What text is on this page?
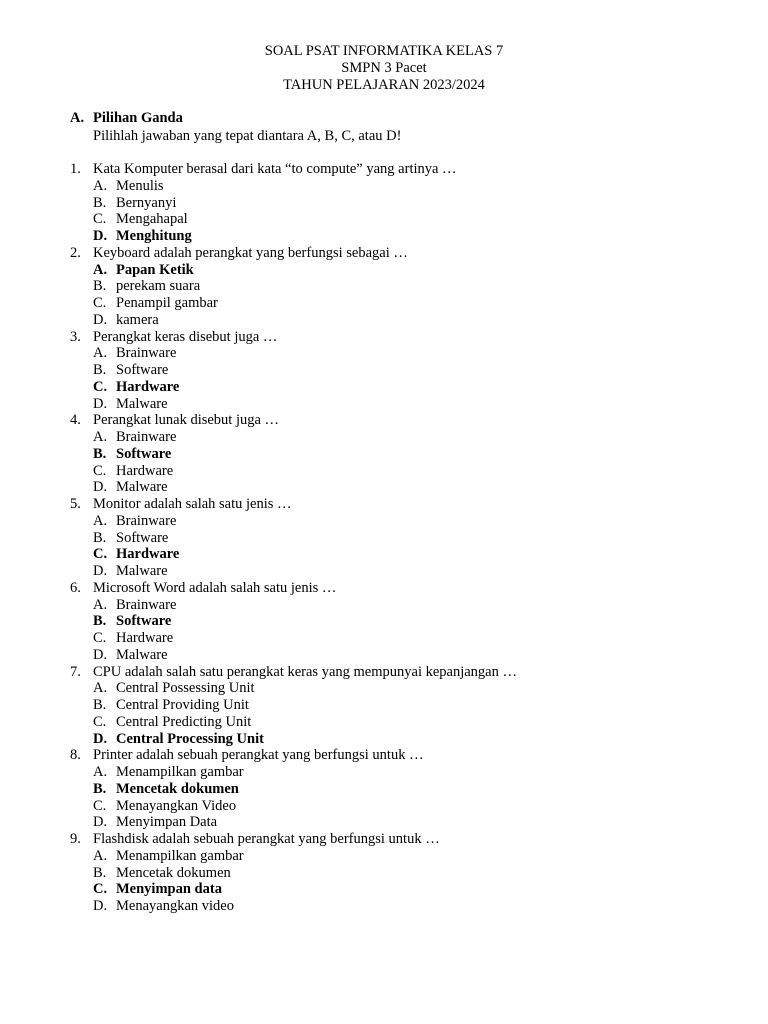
SOAL PSAT INFORMATIKA KELAS 7
SMPN 3 Pacet
TAHUN PELAJARAN 2023/2024
A. Pilihan Ganda
Pilihlah jawaban yang tepat diantara A, B, C, atau D!
1. Kata Komputer berasal dari kata “to compute” yang artinya …
A. Menulis
B. Bernyanyi
C. Mengahapal
D. Menghitung
2. Keyboard adalah perangkat yang berfungsi sebagai …
A. Papan Ketik
B. perekam suara
C. Penampil gambar
D. kamera
3. Perangkat keras disebut juga …
A. Brainware
B. Software
C. Hardware
D. Malware
4. Perangkat lunak disebut juga …
A. Brainware
B. Software
C. Hardware
D. Malware
5. Monitor adalah salah satu jenis …
A. Brainware
B. Software
C. Hardware
D. Malware
6. Microsoft Word adalah salah satu jenis …
A. Brainware
B. Software
C. Hardware
D. Malware
7. CPU adalah salah satu perangkat keras yang mempunyai kepanjangan …
A. Central Possessing Unit
B. Central Providing Unit
C. Central Predicting Unit
D. Central Processing Unit
8. Printer adalah sebuah perangkat yang berfungsi untuk …
A. Menampilkan gambar
B. Mencetak dokumen
C. Menayangkan Video
D. Menyimpan Data
9. Flashdisk adalah sebuah perangkat yang berfungsi untuk …
A. Menampilkan gambar
B. Mencetak dokumen
C. Menyimpan data
D. Menayangkan video
